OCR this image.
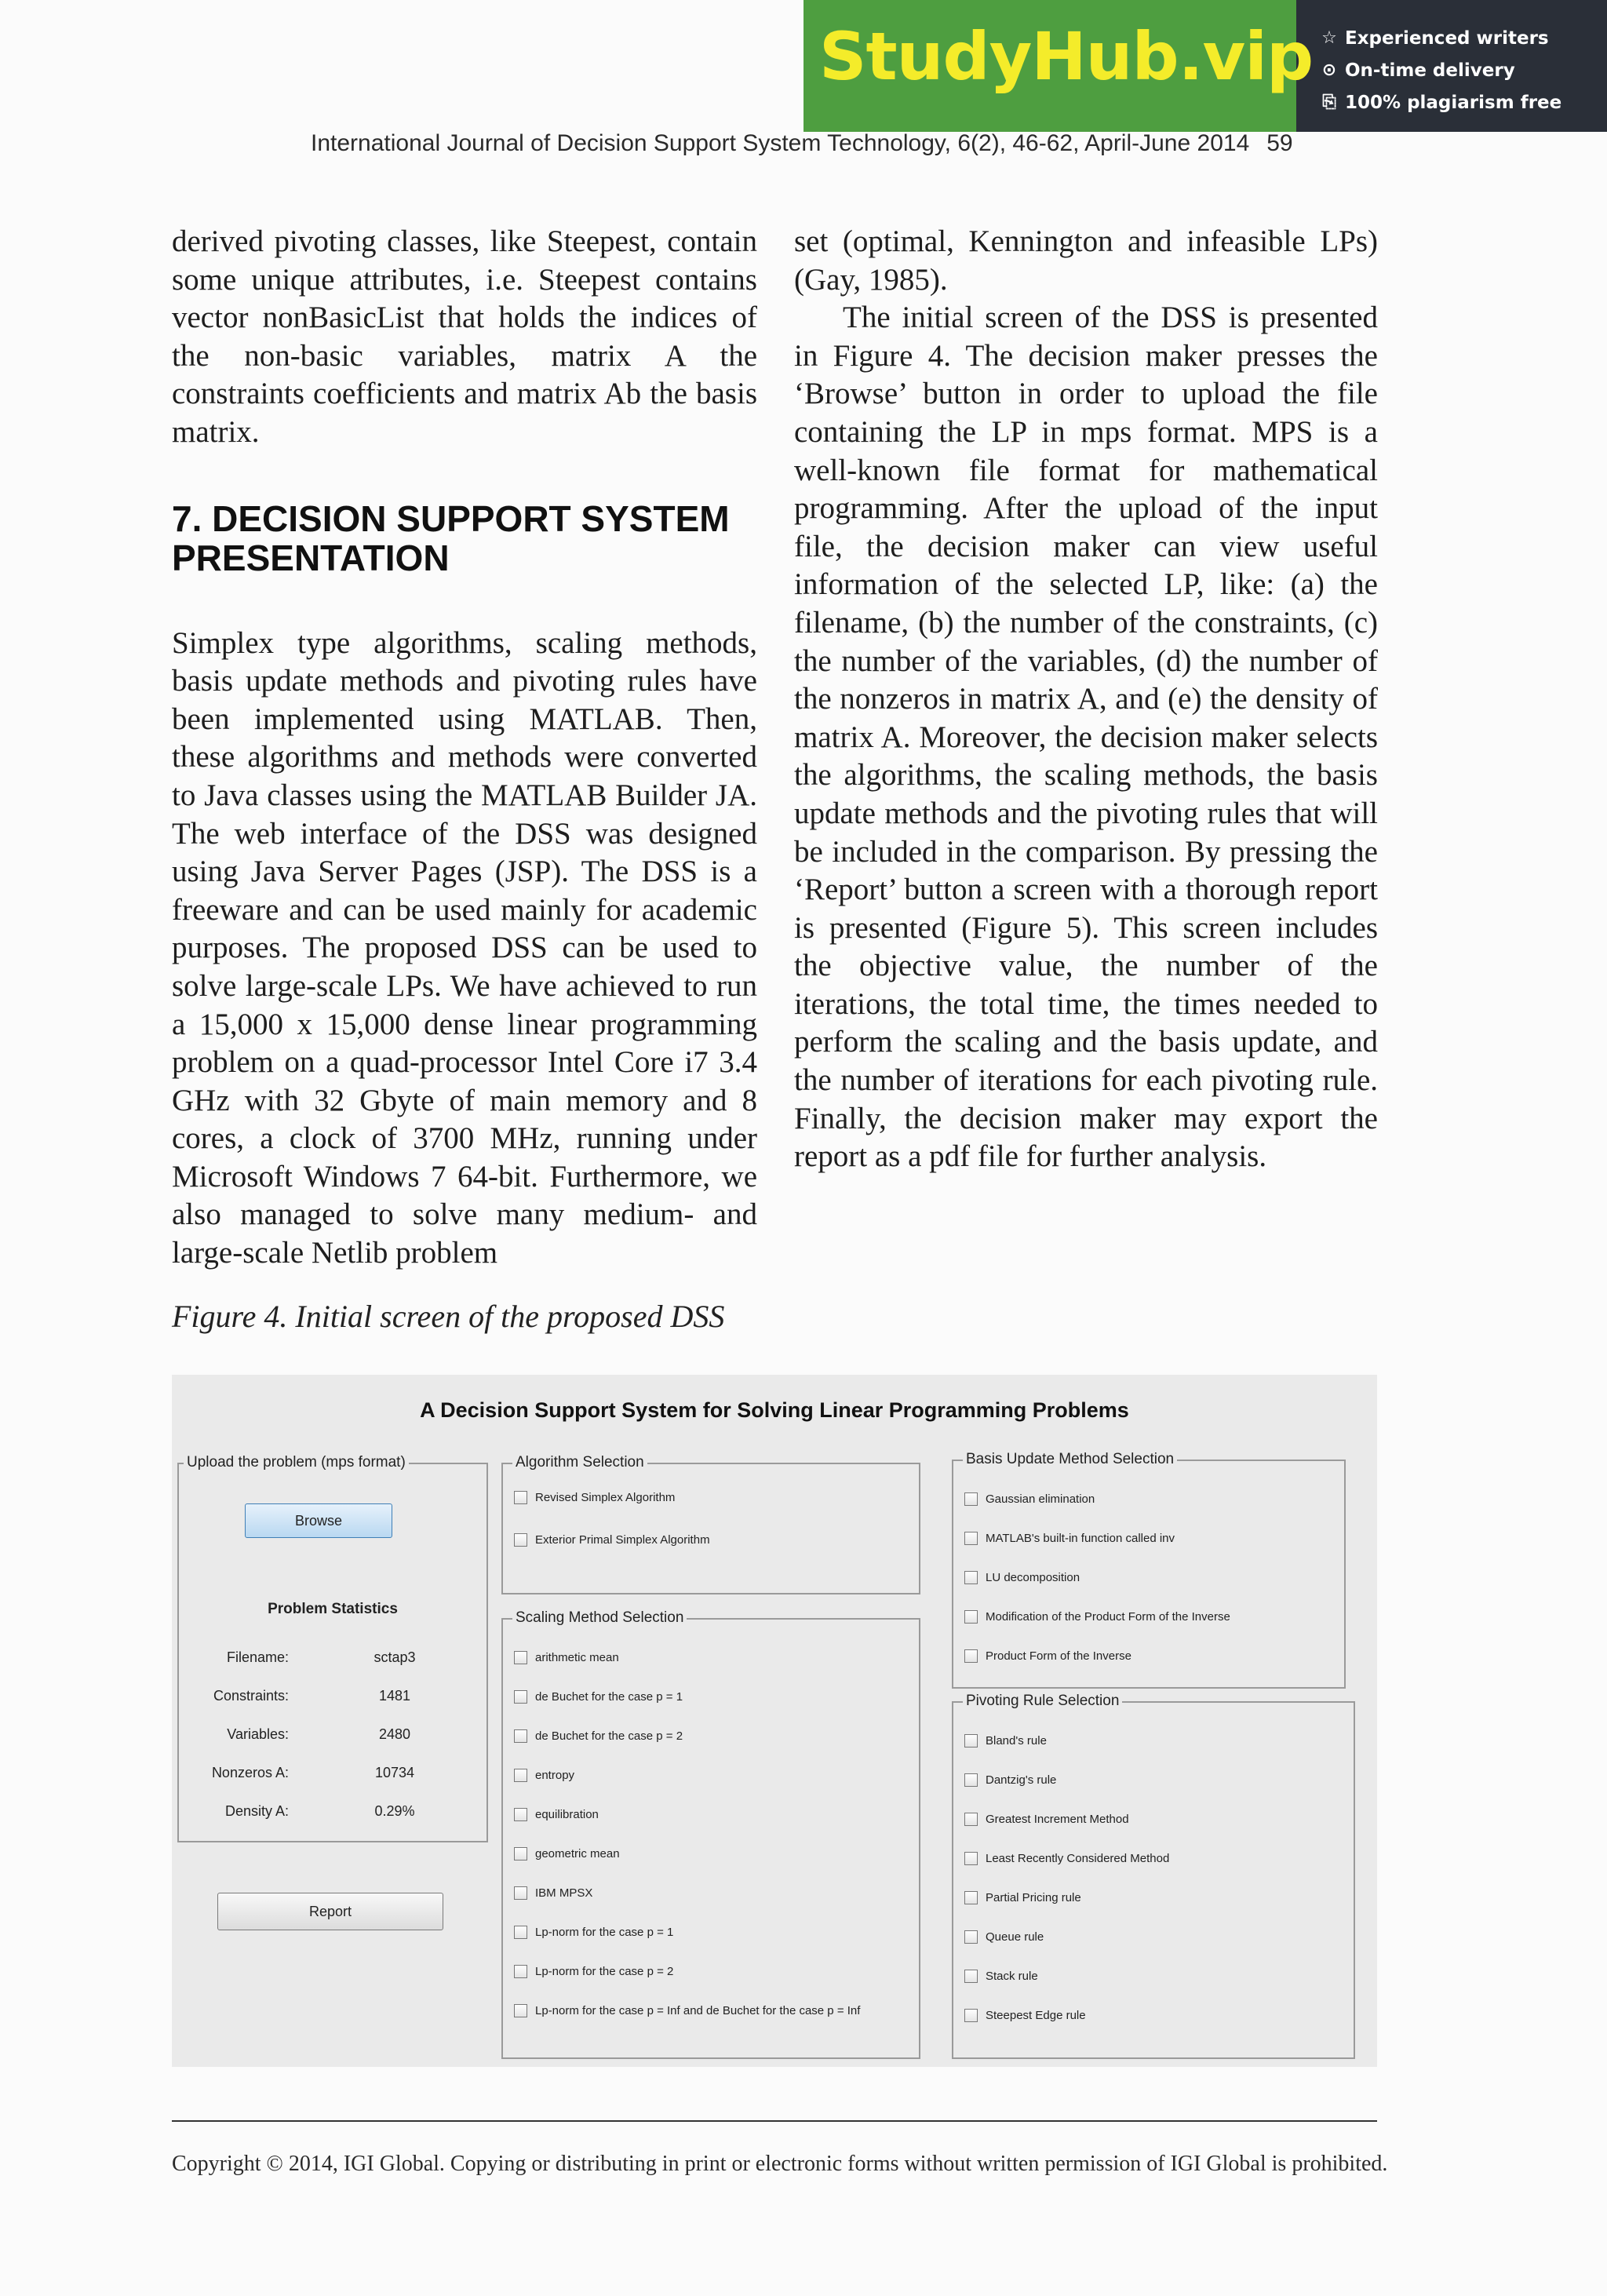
StudyHub.vip ☆ Experienced writers
⊙ On-time delivery
⎘ 100% plagiarism free
International Journal of Decision Support System Technology, 6(2), 46-62, April-June 2014 59

derived pivoting classes, like Steepest, contain some unique attributes, i.e. Steepest contains vector nonBasicList that holds the indices of the non-basic variables, matrix A the constraints coefficients and matrix Ab the basis matrix.

7. DECISION SUPPORT SYSTEM PRESENTATION

Simplex type algorithms, scaling methods, basis update methods and pivoting rules have been implemented using MATLAB. Then, these algorithms and methods were converted to Java classes using the MATLAB Builder JA. The web interface of the DSS was designed using Java Server Pages (JSP). The DSS is a freeware and can be used mainly for academic purposes. The proposed DSS can be used to solve large-scale LPs. We have achieved to run a 15,000 x 15,000 dense linear programming problem on a quad-processor Intel Core i7 3.4 GHz with 32 Gbyte of main memory and 8 cores, a clock of 3700 MHz, running under Microsoft Windows 7 64-bit. Furthermore, we also managed to solve many medium- and large-scale Netlib problem

set (optimal, Kennington and infeasible LPs) (Gay, 1985).

The initial screen of the DSS is presented in Figure 4. The decision maker presses the ‘Browse’ button in order to upload the file containing the LP in mps format. MPS is a well-known file format for mathematical programming. After the upload of the input file, the decision maker can view useful information of the selected LP, like: (a) the filename, (b) the number of the constraints, (c) the number of the variables, (d) the number of the nonzeros in matrix A, and (e) the density of matrix A. Moreover, the decision maker selects the algorithms, the scaling methods, the basis update methods and the pivoting rules that will be included in the comparison. By pressing the ‘Report’ button a screen with a thorough report is presented (Figure 5). This screen includes the objective value, the number of the iterations, the total time, the times needed to perform the scaling and the basis update, and the number of iterations for each pivoting rule. Finally, the decision maker may export the report as a pdf file for further analysis.

Figure 4. Initial screen of the proposed DSS
A Decision Support System for Solving Linear Programming Problems
Upload the problem (mps format)
Browse
Problem Statistics
Filename:	sctap3
Constraints:	1481
Variables:	2480
Nonzeros A:	10734
Density A:	0.29%
Report
Algorithm Selection
Revised Simplex Algorithm
Exterior Primal Simplex Algorithm
Scaling Method Selection
arithmetic mean
de Buchet for the case p = 1
de Buchet for the case p = 2
entropy
equilibration
geometric mean
IBM MPSX
Lp-norm for the case p = 1
Lp-norm for the case p = 2
Lp-norm for the case p = Inf and de Buchet for the case p = Inf
Basis Update Method Selection
Gaussian elimination
MATLAB's built-in function called inv
LU decomposition
Modification of the Product Form of the Inverse
Product Form of the Inverse
Pivoting Rule Selection
Bland's rule
Dantzig's rule
Greatest Increment Method
Least Recently Considered Method
Partial Pricing rule
Queue rule
Stack rule
Steepest Edge rule
Copyright © 2014, IGI Global. Copying or distributing in print or electronic forms without written permission of IGI Global is prohibited.
